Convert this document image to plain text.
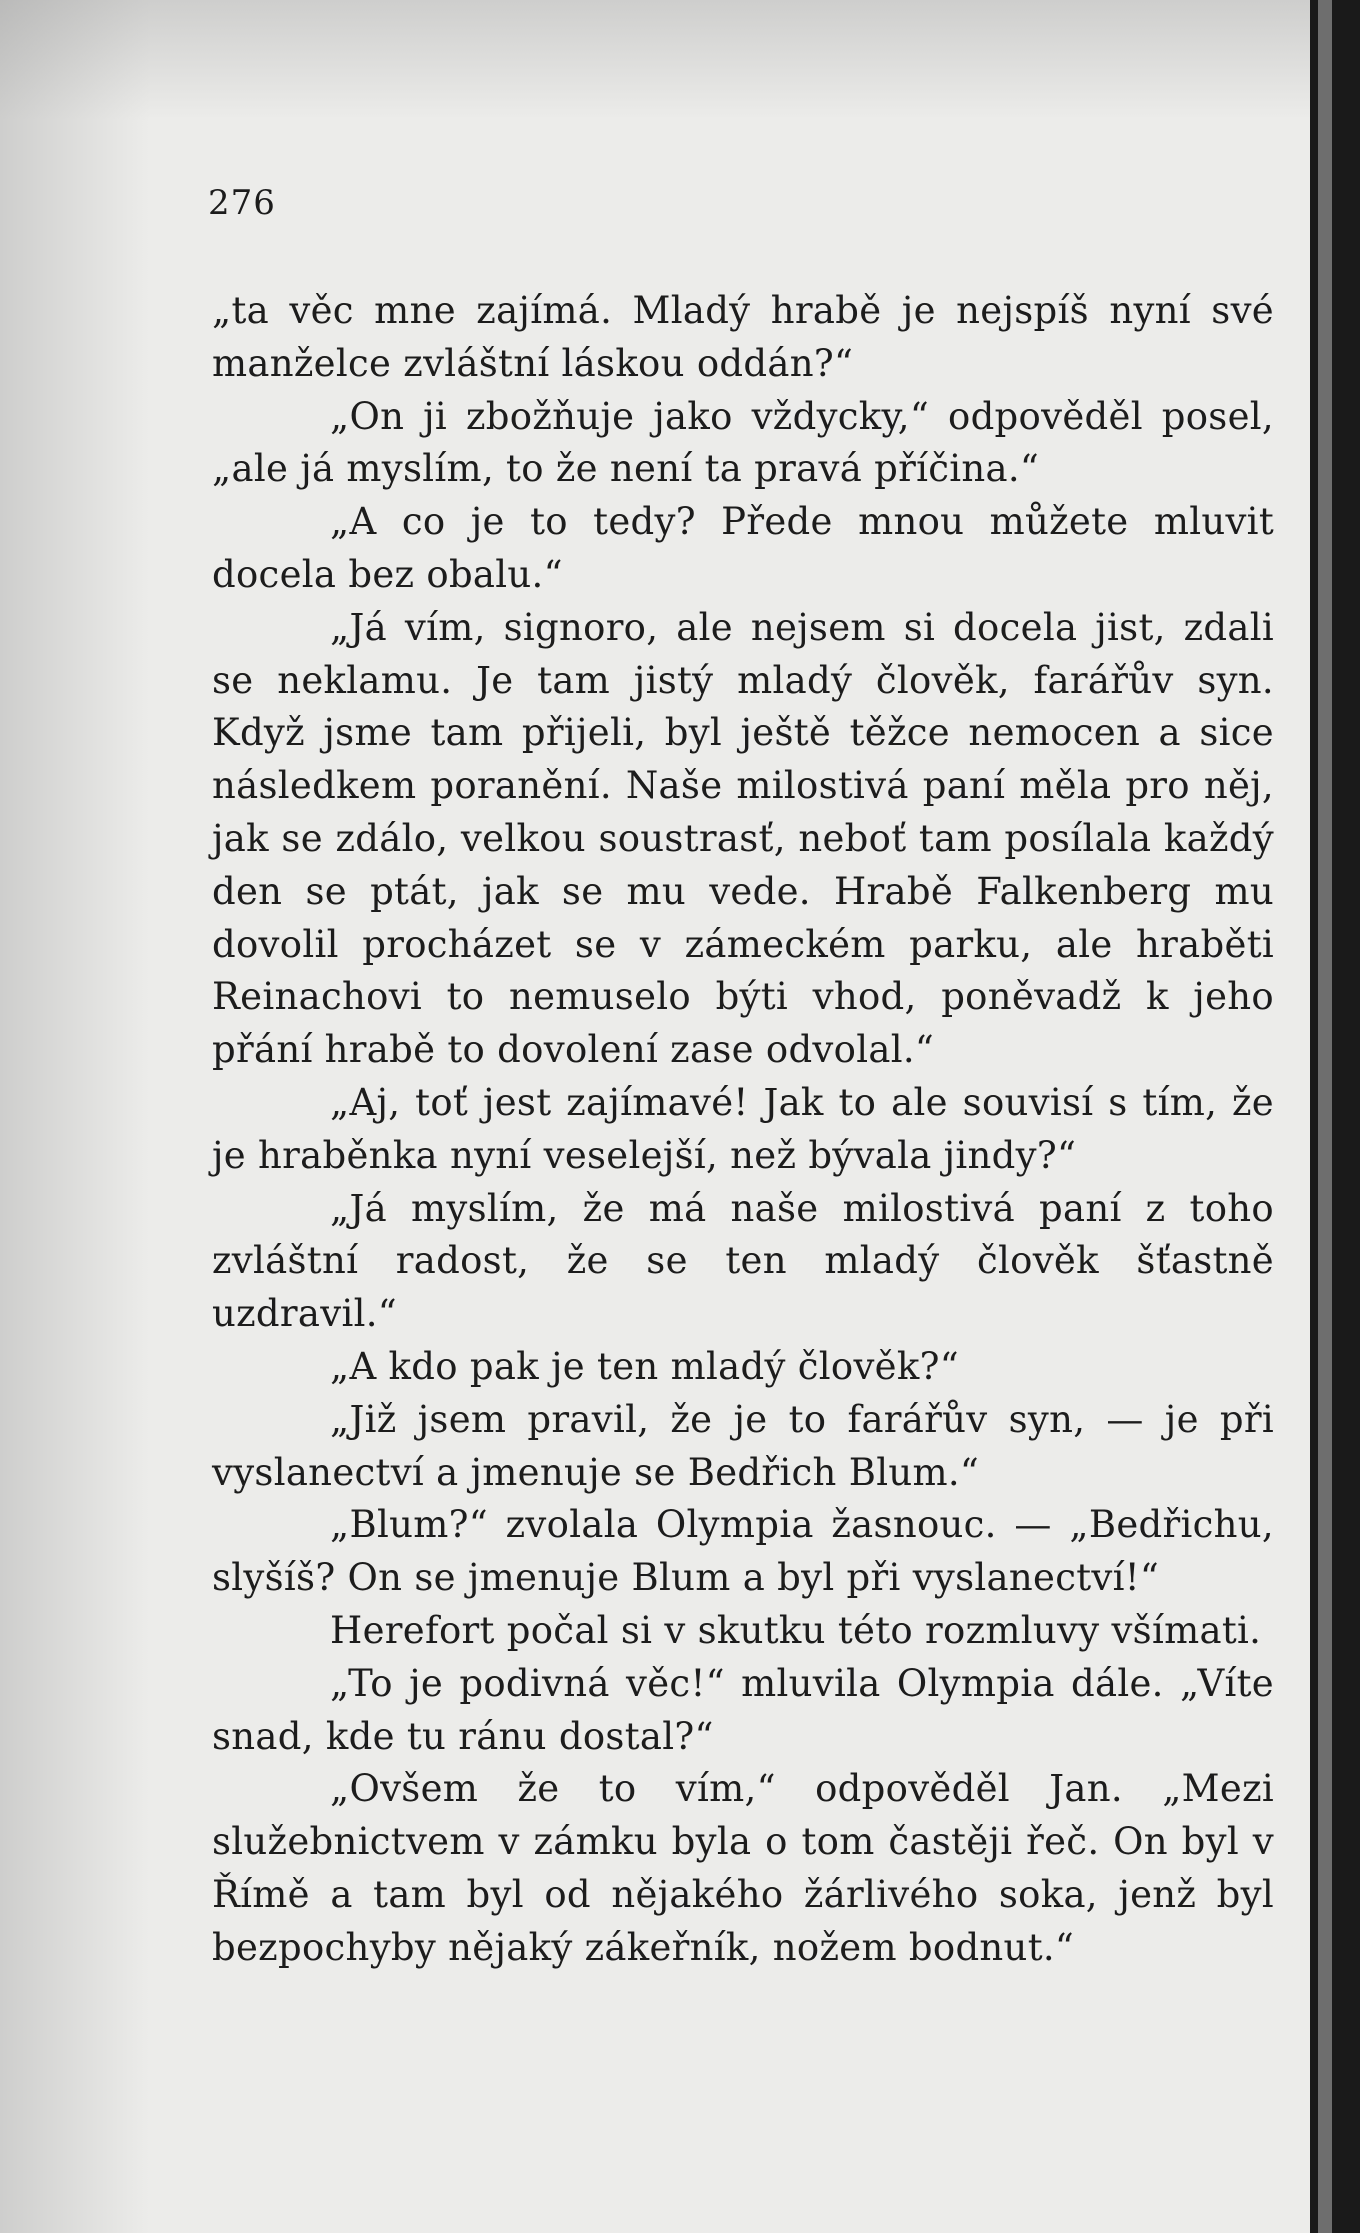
276

„ta věc mne zajímá. Mladý hrabě je nejspíš nyní své manželce zvláštní láskou oddán?“

„On ji zbožňuje jako vždycky,“ odpověděl posel, „ale já myslím, to že není ta pravá příčina.“

„A co je to tedy? Přede mnou můžete mluvit docela bez obalu.“

„Já vím, signoro, ale nejsem si docela jist, zdali se neklamu. Je tam jistý mladý člověk, farářův syn. Když jsme tam přijeli, byl ještě těžce nemocen a sice následkem poranění. Naše milostivá paní měla pro něj, jak se zdálo, velkou soustrasť, neboť tam posílala každý den se ptát, jak se mu vede. Hrabě Falkenberg mu dovolil procházet se v zámeckém parku, ale hraběti Reinachovi to nemuselo býti vhod, poněvadž k jeho přání hrabě to dovolení zase odvolal.“

„Aj, toť jest zajímavé! Jak to ale souvisí s tím, že je hraběnka nyní veselejší, než bývala jindy?“

„Já myslím, že má naše milostivá paní z toho zvláštní radost, že se ten mladý člověk šťastně uzdravil.“

„A kdo pak je ten mladý člověk?“

„Již jsem pravil, že je to farářův syn, — je při vyslanectví a jmenuje se Bedřich Blum.“

„Blum?“ zvolala Olympia žasnouc. — „Bedřichu, slyšíš? On se jmenuje Blum a byl při vyslanectví!“

Herefort počal si v skutku této rozmluvy všímati.

„To je podivná věc!“ mluvila Olympia dále. „Víte snad, kde tu ránu dostal?“

„Ovšem že to vím,“ odpověděl Jan. „Mezi služebnictvem v zámku byla o tom častěji řeč. On byl v Římě a tam byl od nějakého žárlivého soka, jenž byl bezpochyby nějaký zákeřník, nožem bodnut.“
